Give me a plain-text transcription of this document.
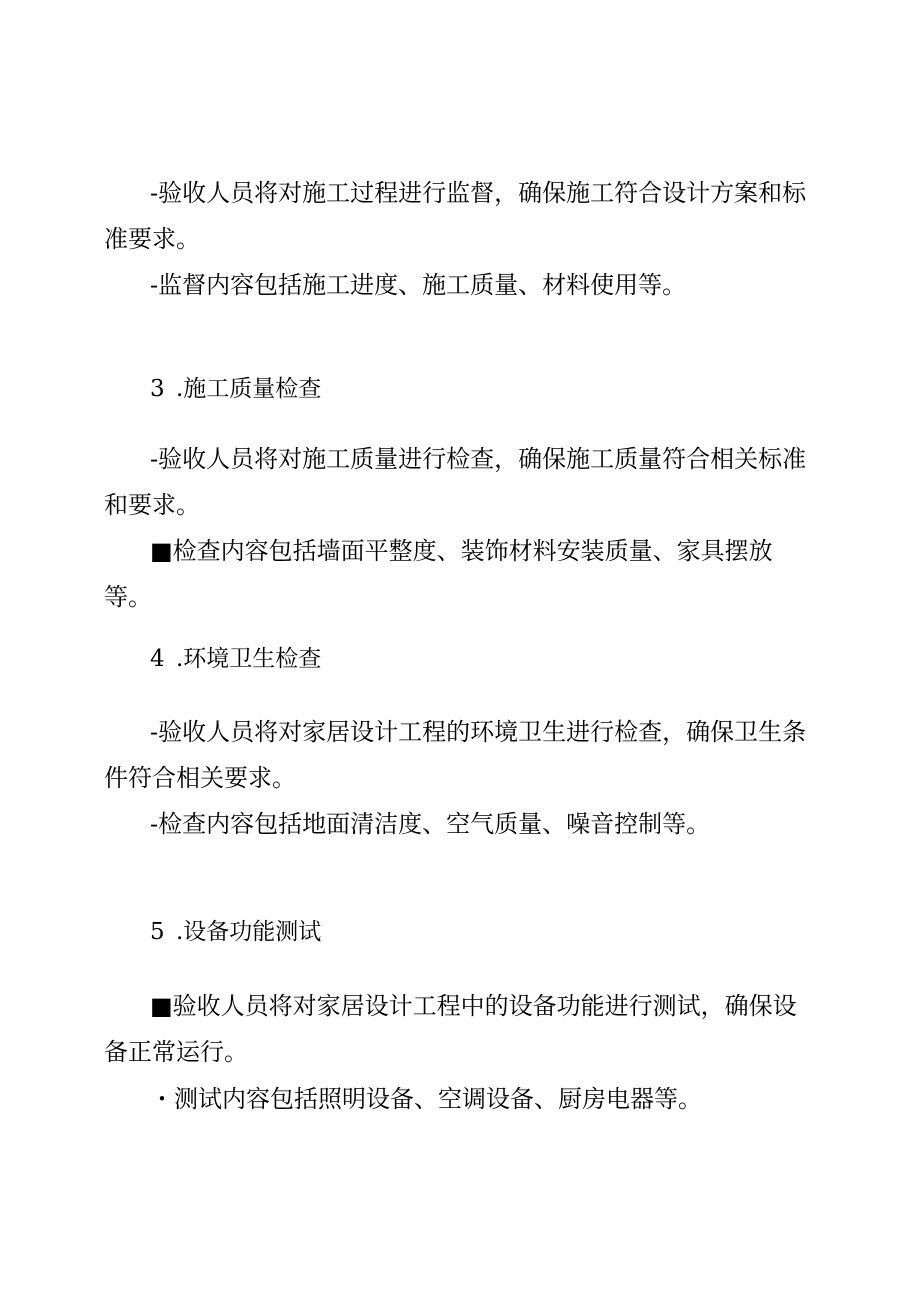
-验收人员将对施工过程进行监督，确保施工符合设计方案和标准要求。

-监督内容包括施工进度、施工质量、材料使用等。

3 .施工质量检查

-验收人员将对施工质量进行检查，确保施工质量符合相关标准和要求。

■检查内容包括墙面平整度、装饰材料安装质量、家具摆放等。

4 .环境卫生检查

-验收人员将对家居设计工程的环境卫生进行检查，确保卫生条件符合相关要求。

-检查内容包括地面清洁度、空气质量、噪音控制等。

5 .设备功能测试

■验收人员将对家居设计工程中的设备功能进行测试，确保设备正常运行。

・测试内容包括照明设备、空调设备、厨房电器等。
